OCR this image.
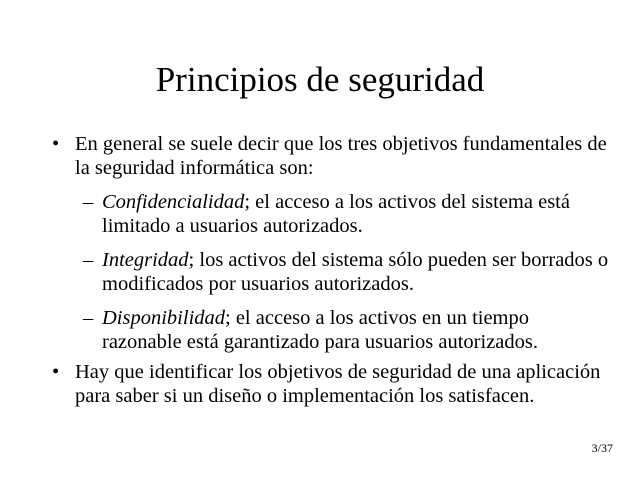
Principios de seguridad
• En general se suele decir que los tres objetivos fundamentales de la seguridad informática son:
– Confidencialidad; el acceso a los activos del sistema está limitado a usuarios autorizados.
– Integridad; los activos del sistema sólo pueden ser borrados o modificados por usuarios autorizados.
– Disponibilidad; el acceso a los activos en un tiempo razonable está garantizado para usuarios autorizados.
• Hay que identificar los objetivos de seguridad de una aplicación para saber si un diseño o implementación los satisfacen.
3/37
